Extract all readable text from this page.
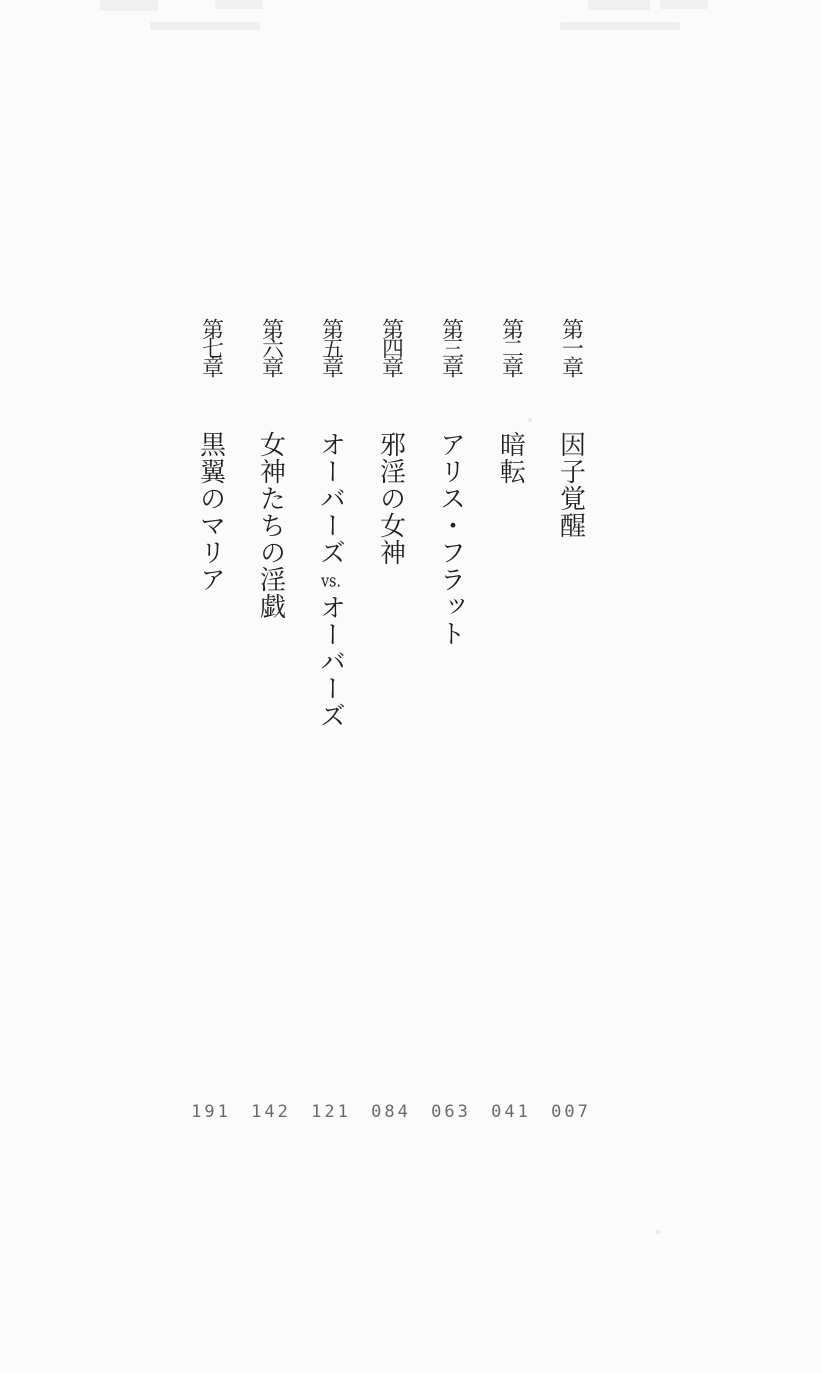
第一章
因子覚醒
第二章
暗転
第三章
アリス・フラット
第四章
邪淫の女神
第五章
オーバーズvs.オーバーズ
第六章
女神たちの淫戯
第七章
黒翼のマリア
007
041
063
084
121
142
191
